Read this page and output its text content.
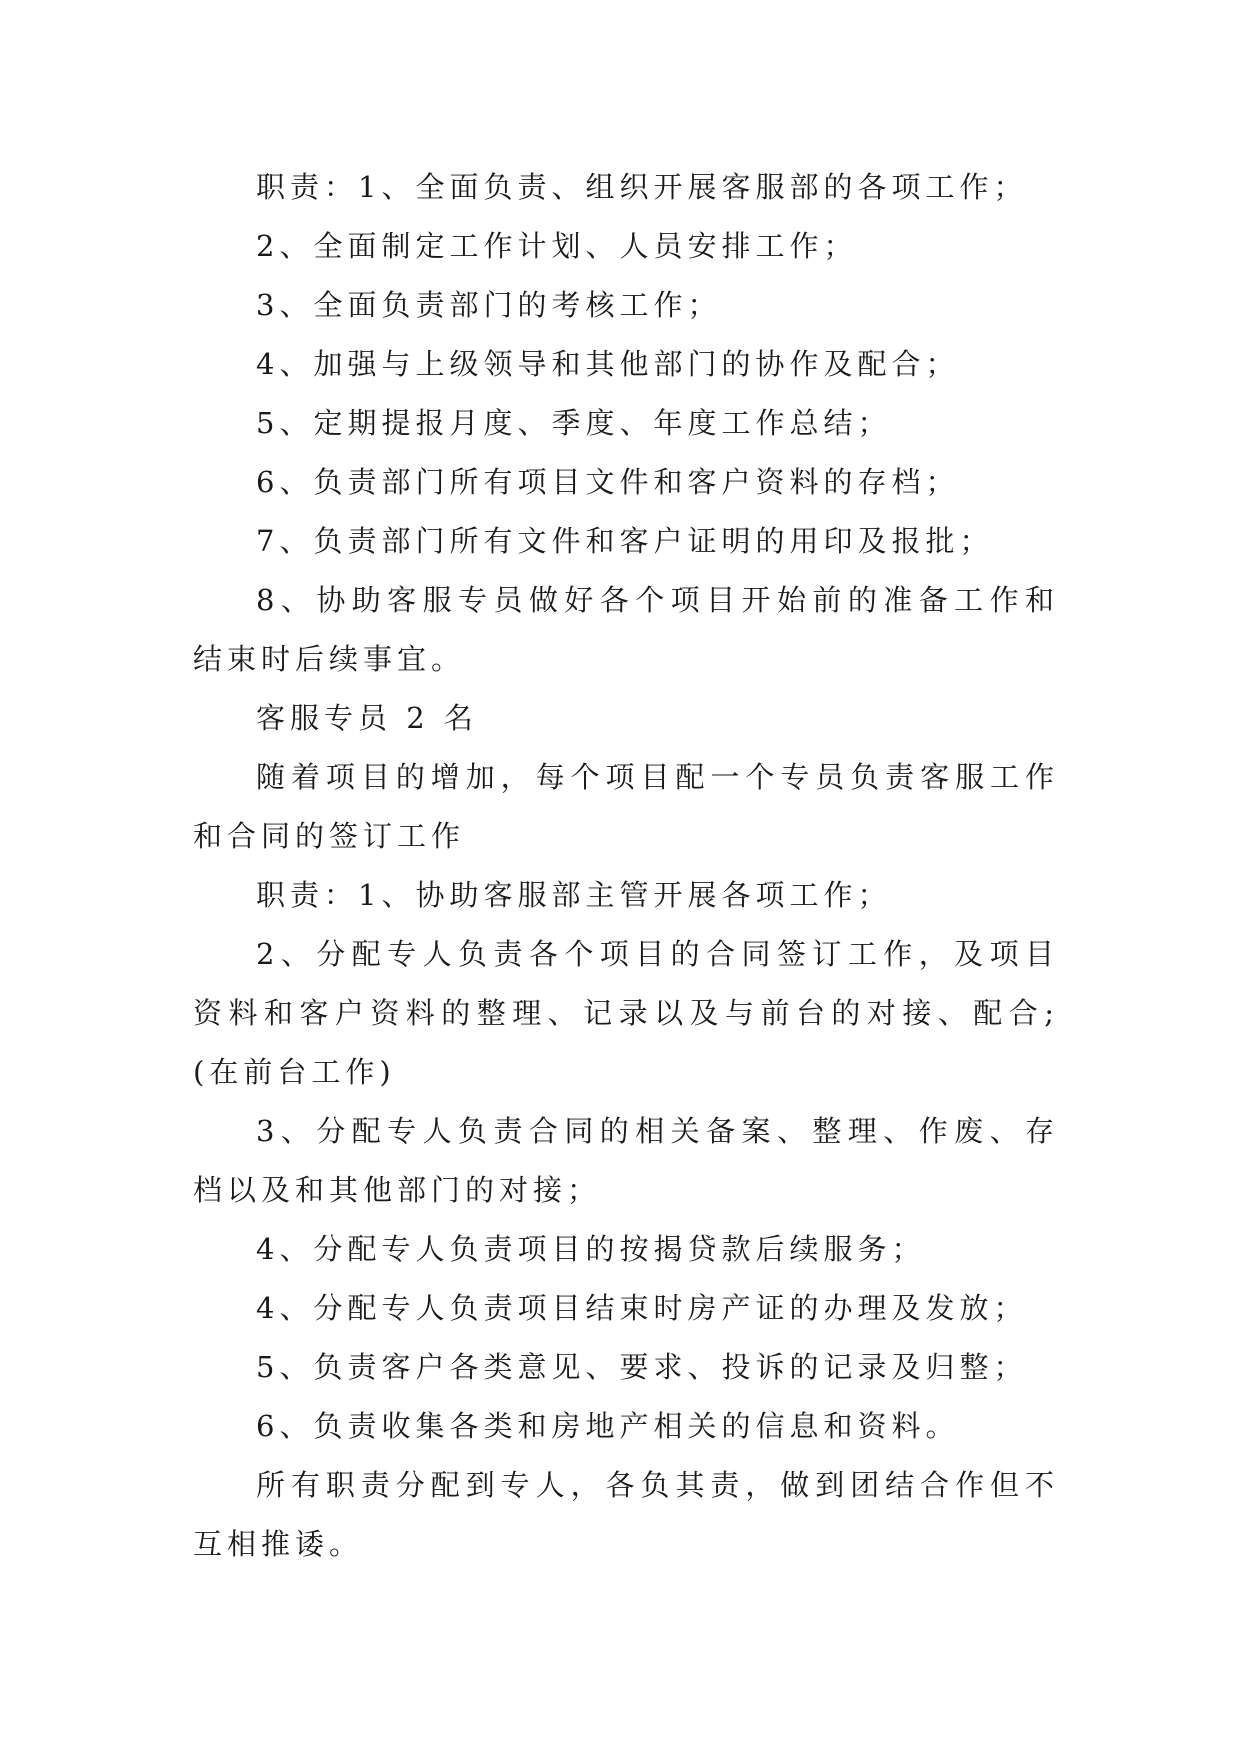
职责：1、全面负责、组织开展客服部的各项工作；

2、全面制定工作计划、人员安排工作；

3、全面负责部门的考核工作；

4、加强与上级领导和其他部门的协作及配合；

5、定期提报月度、季度、年度工作总结；

6、负责部门所有项目文件和客户资料的存档；

7、负责部门所有文件和客户证明的用印及报批；

8、协助客服专员做好各个项目开始前的准备工作和结束时后续事宜。

客服专员 2 名

随着项目的增加，每个项目配一个专员负责客服工作和合同的签订工作

职责：1、协助客服部主管开展各项工作；

2、分配专人负责各个项目的合同签订工作，及项目资料和客户资料的整理、记录以及与前台的对接、配合;(在前台工作)

3、分配专人负责合同的相关备案、整理、作废、存档以及和其他部门的对接；

4、分配专人负责项目的按揭贷款后续服务；

4、分配专人负责项目结束时房产证的办理及发放；

5、负责客户各类意见、要求、投诉的记录及归整；

6、负责收集各类和房地产相关的信息和资料。

所有职责分配到专人，各负其责，做到团结合作但不互相推诿。
